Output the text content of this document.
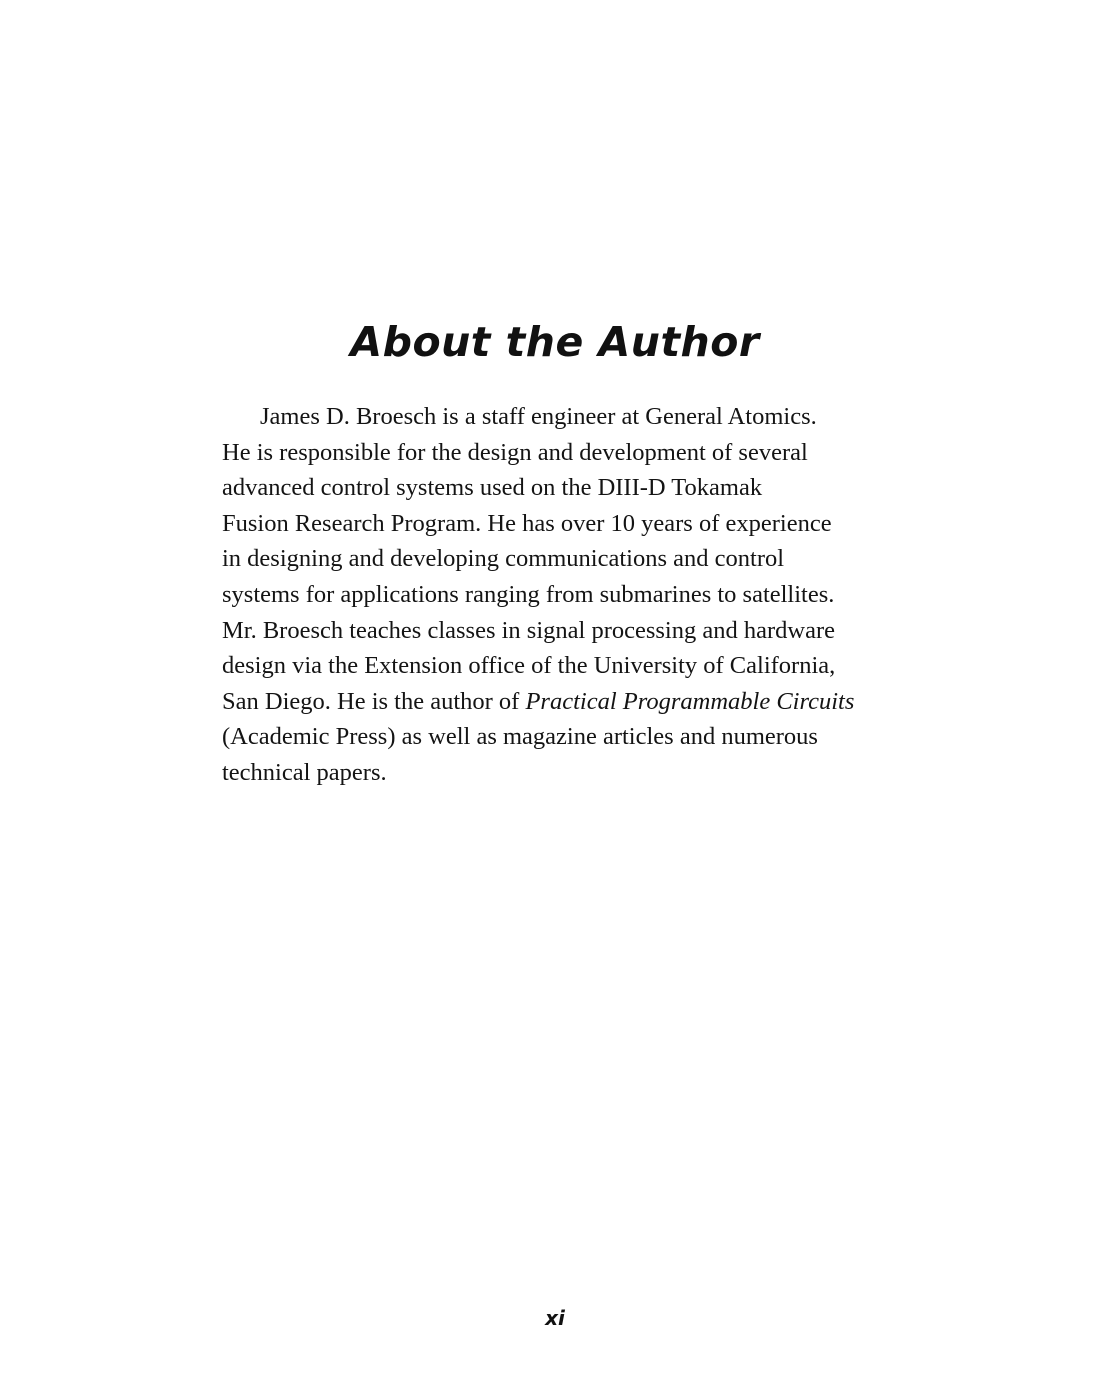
About the Author
James D. Broesch is a staff engineer at General Atomics.
He is responsible for the design and development of several
advanced control systems used on the DIII-D Tokamak
Fusion Research Program. He has over 10 years of experience
in designing and developing communications and control
systems for applications ranging from submarines to satellites.
Mr. Broesch teaches classes in signal processing and hardware
design via the Extension office of the University of California,
San Diego. He is the author of Practical Programmable Circuits
(Academic Press) as well as magazine articles and numerous
technical papers.
xi
